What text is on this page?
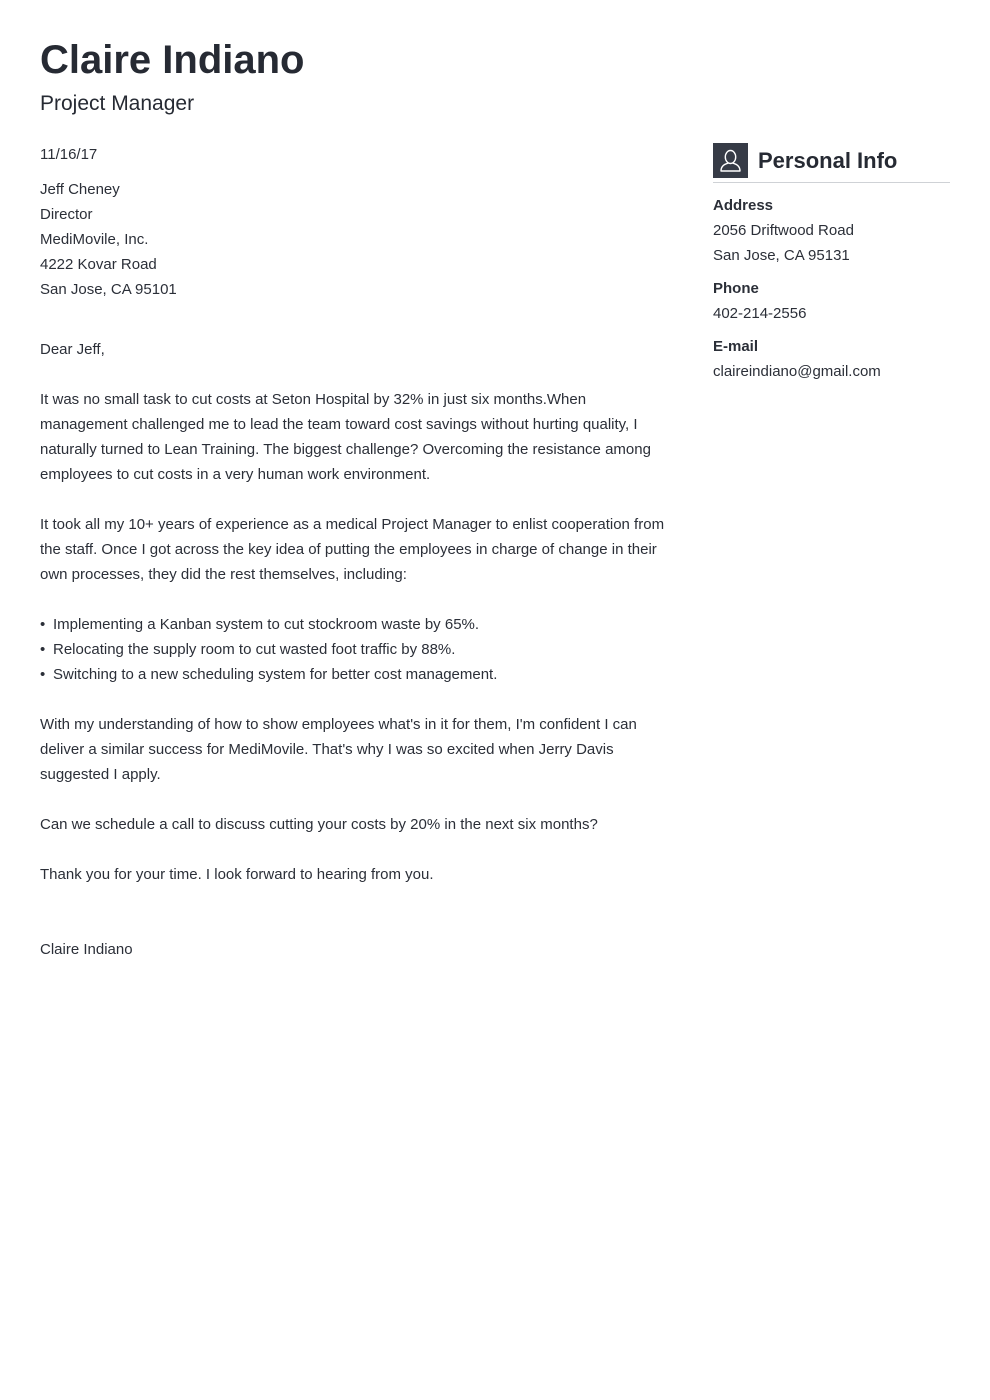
Claire Indiano
Project Manager
11/16/17
Jeff Cheney
Director
MediMovile, Inc.
4222 Kovar Road
San Jose, CA 95101

Dear Jeff,

It was no small task to cut costs at Seton Hospital by 32% in just six months.When management challenged me to lead the team toward cost savings without hurting quality, I naturally turned to Lean Training. The biggest challenge? Overcoming the resistance among employees to cut costs in a very human work environment.

It took all my 10+ years of experience as a medical Project Manager to enlist cooperation from the staff. Once I got across the key idea of putting the employees in charge of change in their own processes, they did the rest themselves, including:

• Implementing a Kanban system to cut stockroom waste by 65%.
• Relocating the supply room to cut wasted foot traffic by 88%.
• Switching to a new scheduling system for better cost management.

With my understanding of how to show employees what's in it for them, I'm confident I can deliver a similar success for MediMovile. That's why I was so excited when Jerry Davis suggested I apply.

Can we schedule a call to discuss cutting your costs by 20% in the next six months?

Thank you for your time. I look forward to hearing from you.

Claire Indiano

Personal Info
Address
2056 Driftwood Road
San Jose, CA 95131
Phone
402-214-2556
E-mail
claireindiano@gmail.com
